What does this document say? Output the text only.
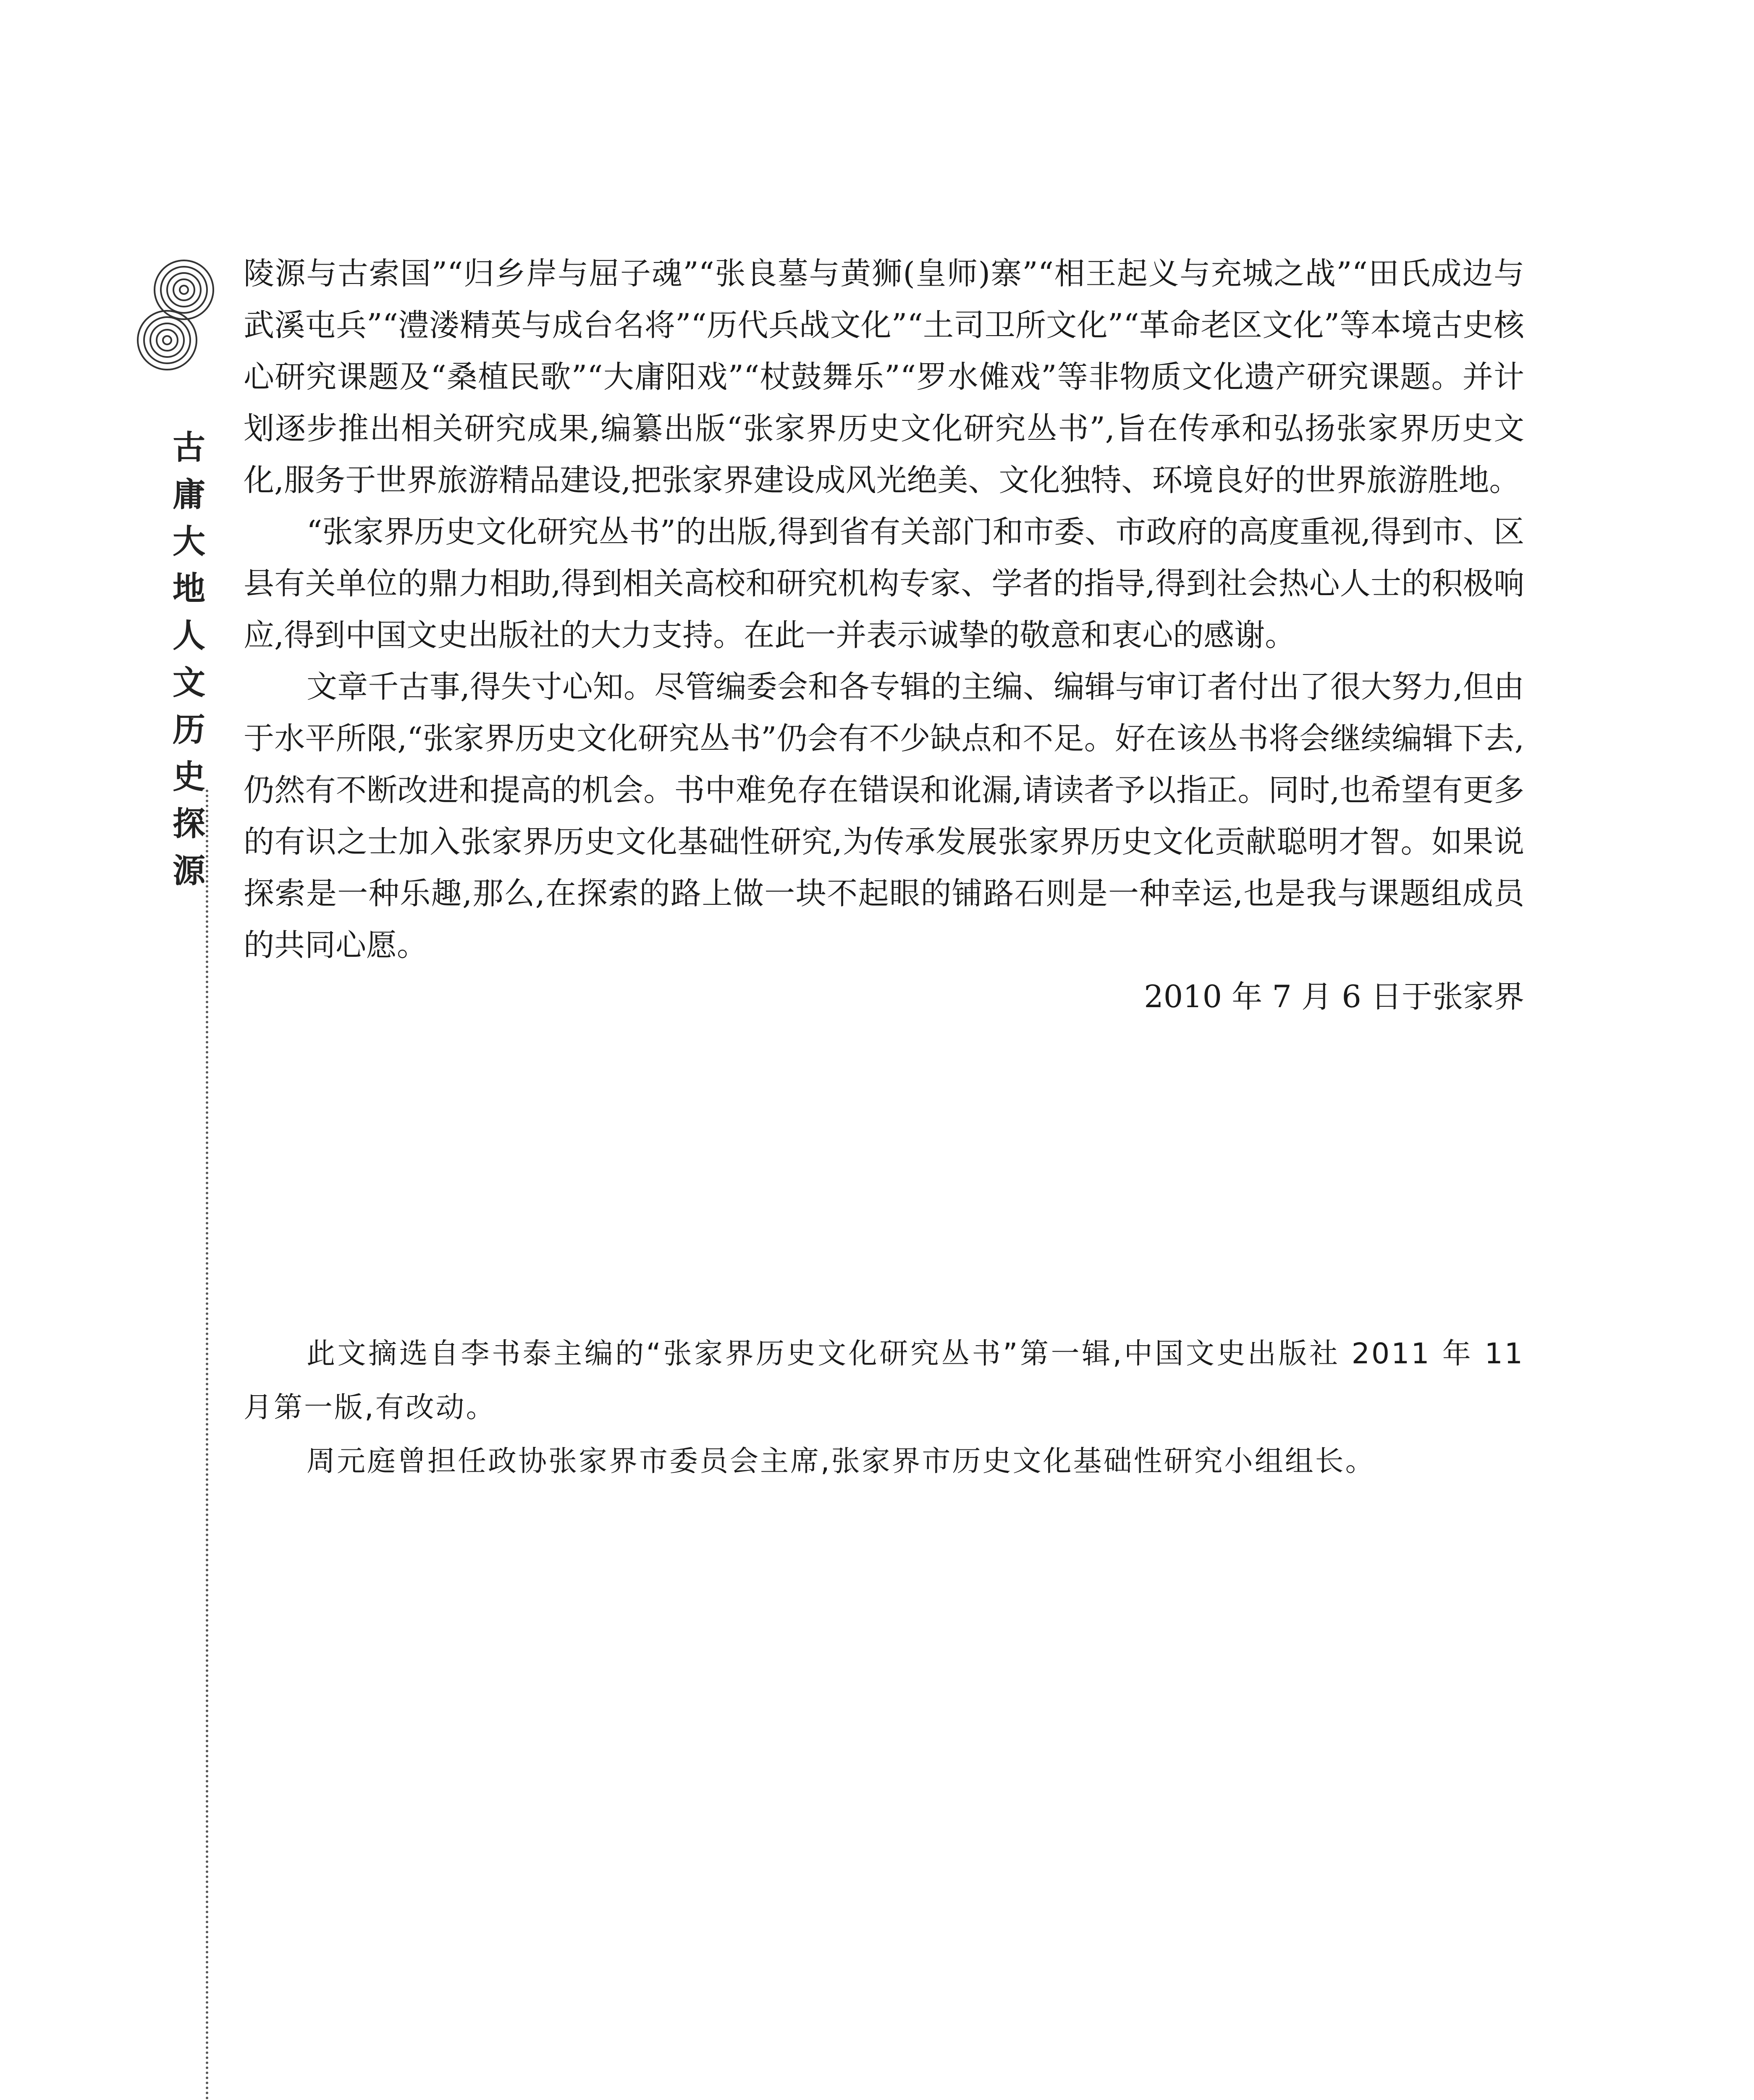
古
庸
大
地
人
文
历
史
探
源

陵源与古索国”“归乡岸与屈子魂”“张良墓与黄狮(皇师)寨”“相王起义与充城之战”“田氏成边与武溪屯兵”“澧溇精英与成台名将”“历代兵战文化”“土司卫所文化”“革命老区文化”等本境古史核心研究课题及“桑植民歌”“大庸阳戏”“杖鼓舞乐”“罗水傩戏”等非物质文化遗产研究课题。并计划逐步推出相关研究成果,编纂出版“张家界历史文化研究丛书”,旨在传承和弘扬张家界历史文化,服务于世界旅游精品建设,把张家界建设成风光绝美、文化独特、环境良好的世界旅游胜地。

“张家界历史文化研究丛书”的出版,得到省有关部门和市委、市政府的高度重视,得到市、区县有关单位的鼎力相助,得到相关高校和研究机构专家、学者的指导,得到社会热心人士的积极响应,得到中国文史出版社的大力支持。在此一并表示诚挚的敬意和衷心的感谢。

文章千古事,得失寸心知。尽管编委会和各专辑的主编、编辑与审订者付出了很大努力,但由于水平所限,“张家界历史文化研究丛书”仍会有不少缺点和不足。好在该丛书将会继续编辑下去,仍然有不断改进和提高的机会。书中难免存在错误和讹漏,请读者予以指正。同时,也希望有更多的有识之士加入张家界历史文化基础性研究,为传承发展张家界历史文化贡献聪明才智。如果说探索是一种乐趣,那么,在探索的路上做一块不起眼的铺路石则是一种幸运,也是我与课题组成员的共同心愿。

2010 年 7 月 6 日于张家界

此文摘选自李书泰主编的“张家界历史文化研究丛书”第一辑,中国文史出版社 2011 年 11 月第一版,有改动。

周元庭曾担任政协张家界市委员会主席,张家界市历史文化基础性研究小组组长。
